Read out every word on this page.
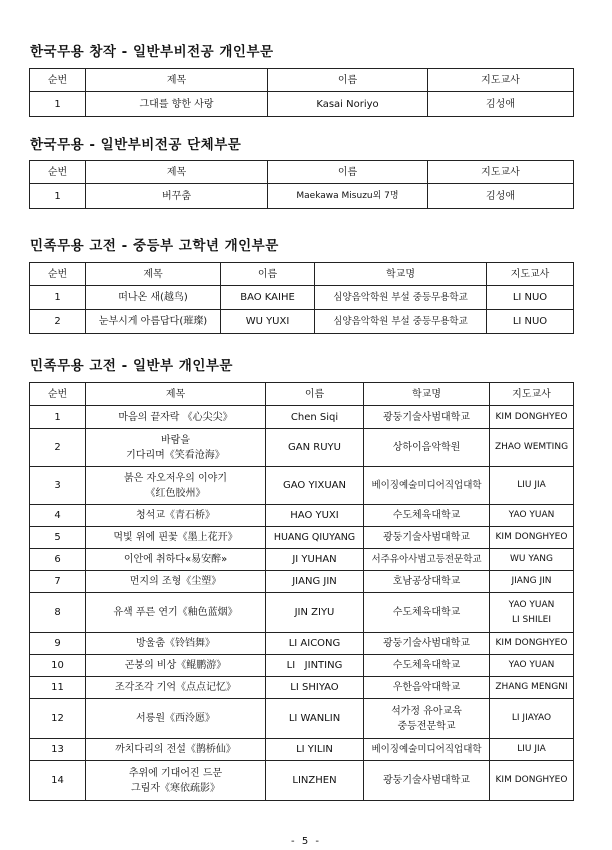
한국무용 창작 - 일반부비전공 개인부문
순번	제목	이름	지도교사
1	그대를 향한 사랑	Kasai Noriyo	김성애
한국무용 - 일반부비전공 단체부문
순번	제목	이름	지도교사
1	버꾸춤	Maekawa Misuzu외 7명	김성애
민족무용 고전 - 중등부 고학년 개인부문
순번	제목	이름	학교명	지도교사
1	떠나온 새(越鸟)	BAO KAIHE	심양음악학원 부설 중등무용학교	LI NUO
2	눈부시게 아름답다(璀璨)	WU YUXI	심양음악학원 부설 중등무용학교	LI NUO
민족무용 고전 - 일반부 개인부문
순번	제목	이름	학교명	지도교사
1	마음의 끝자락 《心尖尖》	Chen Siqi	광둥기술사범대학교	KIM DONGHYEO
2	바람을
기다리며《笑看沧海》	GAN RUYU	상하이음악학원	ZHAO WEMTING
3	붉은 자오저우의 이야기
《红色胶州》	GAO YIXUAN	베이징예술미디어직업대학	LIU JIA
4	청석교《青石桥》	HAO YUXI	수도체육대학교	YAO YUAN
5	먹빛 위에 핀꽃《墨上花开》	HUANG QIUYANG	광둥기술사범대학교	KIM DONGHYEO
6	이안에 취하다«易安醉»	JI YUHAN	서주유아사범고등전문학교	WU YANG
7	먼지의 조형《尘塑》	JIANG JIN	호남공상대학교	JIANG JIN
8	유색 푸른 연기《釉色蓝烟》	JIN ZIYU	수도체육대학교	YAO YUAN
LI SHILEI
9	방울춤《铃铛舞》	LI AICONG	광둥기술사범대학교	KIM DONGHYEO
10	곤붕의 비상《鲲鹏游》	LI   JINTING	수도체육대학교	YAO YUAN
11	조각조각 기억《点点记忆》	LI SHIYAO	우한음악대학교	ZHANG MENGNI
12	서릉원《西泠愿》	LI WANLIN	석가정 유아교육
중등전문학교	LI JIAYAO
13	까치다리의 전설《鹊桥仙》	LI YILIN	베이징예술미디어직업대학	LIU JIA
14	추위에 기대어진 드문
그림자《寒依疏影》	LINZHEN	광둥기술사범대학교	KIM DONGHYEO
- 5 -
